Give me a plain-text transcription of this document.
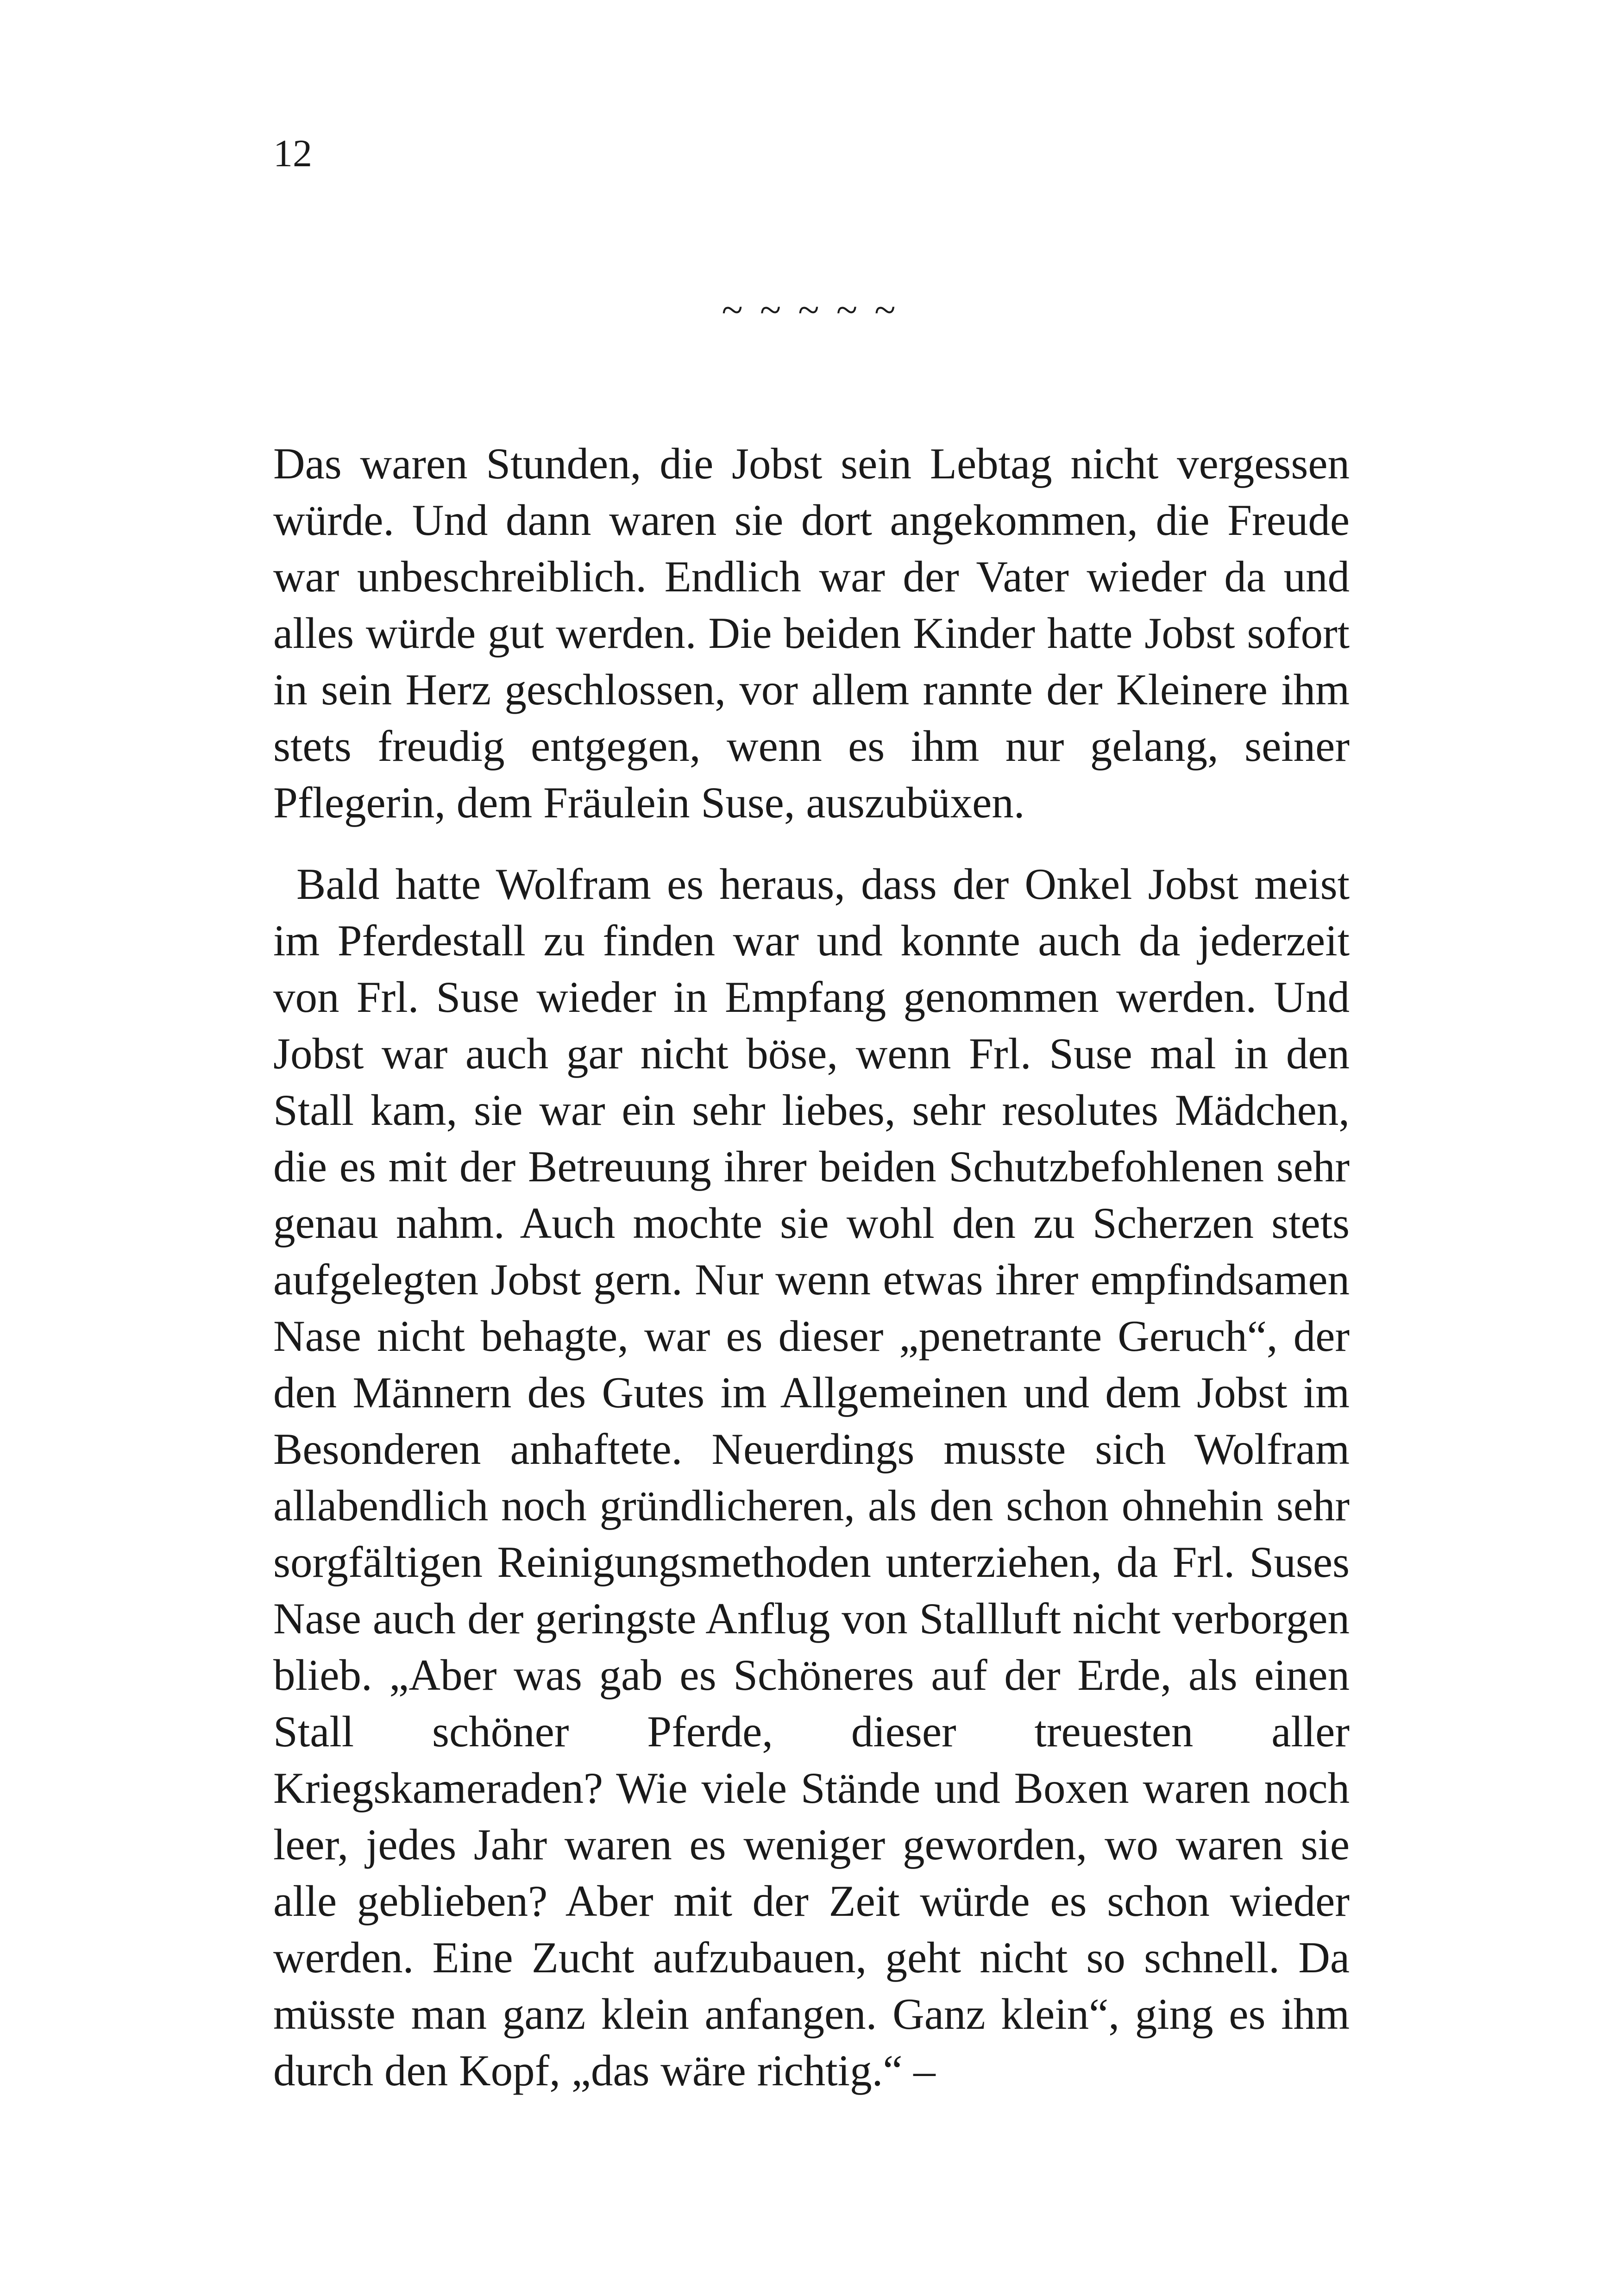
12
~ ~ ~ ~ ~

Das waren Stunden, die Jobst sein Lebtag nicht vergessen würde. Und dann waren sie dort angekommen, die Freude war unbeschreiblich. Endlich war der Vater wieder da und alles würde gut werden. Die beiden Kinder hatte Jobst sofort in sein Herz geschlossen, vor allem rannte der Kleinere ihm stets freudig entgegen, wenn es ihm nur gelang, seiner Pflegerin, dem Fräulein Suse, auszubüxen.

Bald hatte Wolfram es heraus, dass der Onkel Jobst meist im Pferdestall zu finden war und konnte auch da jederzeit von Frl. Suse wieder in Empfang genommen werden. Und Jobst war auch gar nicht böse, wenn Frl. Suse mal in den Stall kam, sie war ein sehr liebes, sehr resolutes Mädchen, die es mit der Betreuung ihrer beiden Schutzbefohlenen sehr genau nahm. Auch mochte sie wohl den zu Scherzen stets aufgelegten Jobst gern. Nur wenn etwas ihrer empfindsamen Nase nicht behagte, war es dieser „penetrante Geruch“, der den Männern des Gutes im Allgemeinen und dem Jobst im Besonderen anhaftete. Neuerdings musste sich Wolfram allabendlich noch gründlicheren, als den schon ohnehin sehr sorgfältigen Reinigungsmethoden unterziehen, da Frl. Suses Nase auch der geringste Anflug von Stallluft nicht verborgen blieb. „Aber was gab es Schöneres auf der Erde, als einen Stall schöner Pferde, dieser treuesten aller Kriegskameraden? Wie viele Stände und Boxen waren noch leer, jedes Jahr waren es weniger geworden, wo waren sie alle geblieben? Aber mit der Zeit würde es schon wieder werden. Eine Zucht aufzubauen, geht nicht so schnell. Da müsste man ganz klein anfangen. Ganz klein“, ging es ihm durch den Kopf, „das wäre richtig.“ –
